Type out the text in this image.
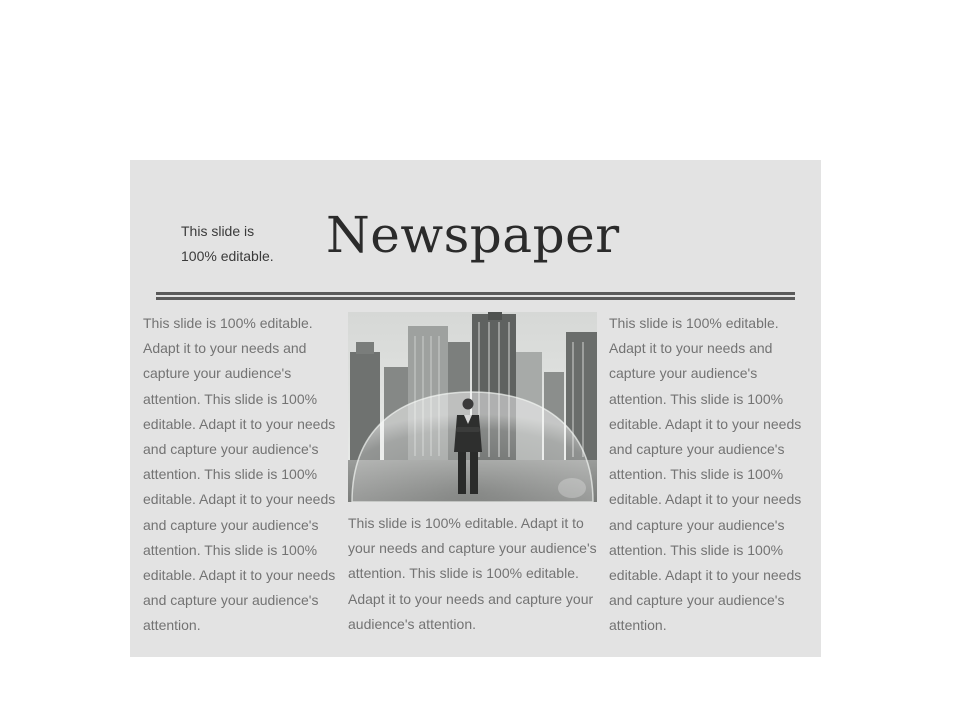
This slide is 100% editable.	Newspaper
This slide is 100% editable. Adapt it to your needs and capture your audience's attention. This slide is 100% editable. Adapt it to your needs and capture your audience's attention. This slide is 100% editable. Adapt it to your needs and capture your audience's attention. This slide is 100% editable. Adapt it to your needs and capture your audience's attention.
This slide is 100% editable. Adapt it to your needs and capture your audience's attention. This slide is 100% editable. Adapt it to your needs and capture your audience's attention.
This slide is 100% editable. Adapt it to your needs and capture your audience's attention. This slide is 100% editable. Adapt it to your needs and capture your audience's attention. This slide is 100% editable. Adapt it to your needs and capture your audience's attention. This slide is 100% editable. Adapt it to your needs and capture your audience's attention.
